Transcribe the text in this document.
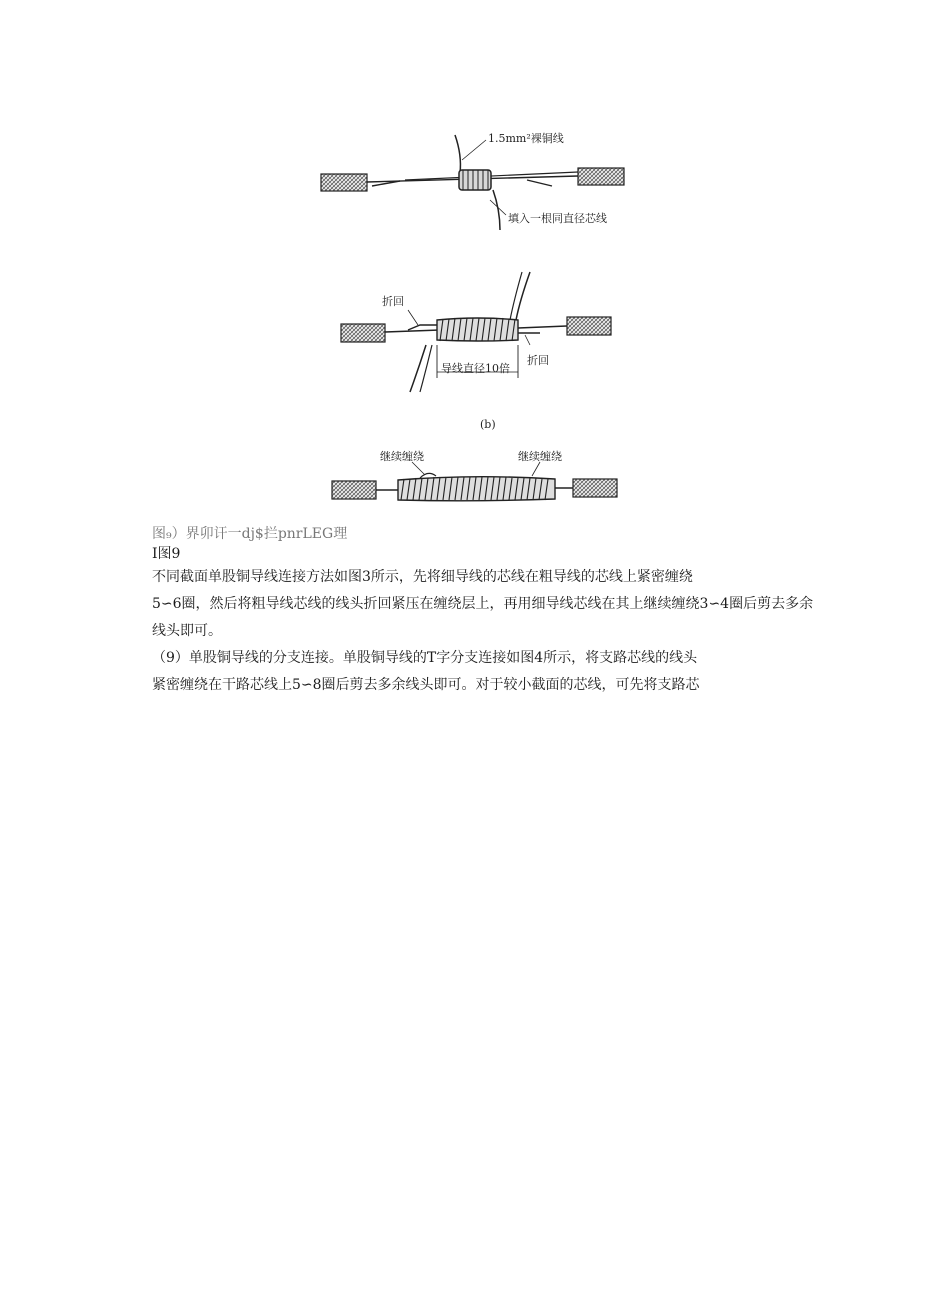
1.5mm²裸铜线
填入一根同直径芯线
折回
折回
导线直径10倍
(b)
继续缠绕	继续缠绕

图₉）界卯讦一dj$拦pnrLEG理

I图9

不同截面单股铜导线连接方法如图3所示，先将细导线的芯线在粗导线的芯线上紧密缠绕

5∽6圈，然后将粗导线芯线的线头折回紧压在缠绕层上，再用细导线芯线在其上继续缠绕3∽4圈后剪去多余

线头即可。

（9）单股铜导线的分支连接。单股铜导线的T字分支连接如图4所示，将支路芯线的线头

紧密缠绕在干路芯线上5∽8圈后剪去多余线头即可。对于较小截面的芯线，可先将支路芯
